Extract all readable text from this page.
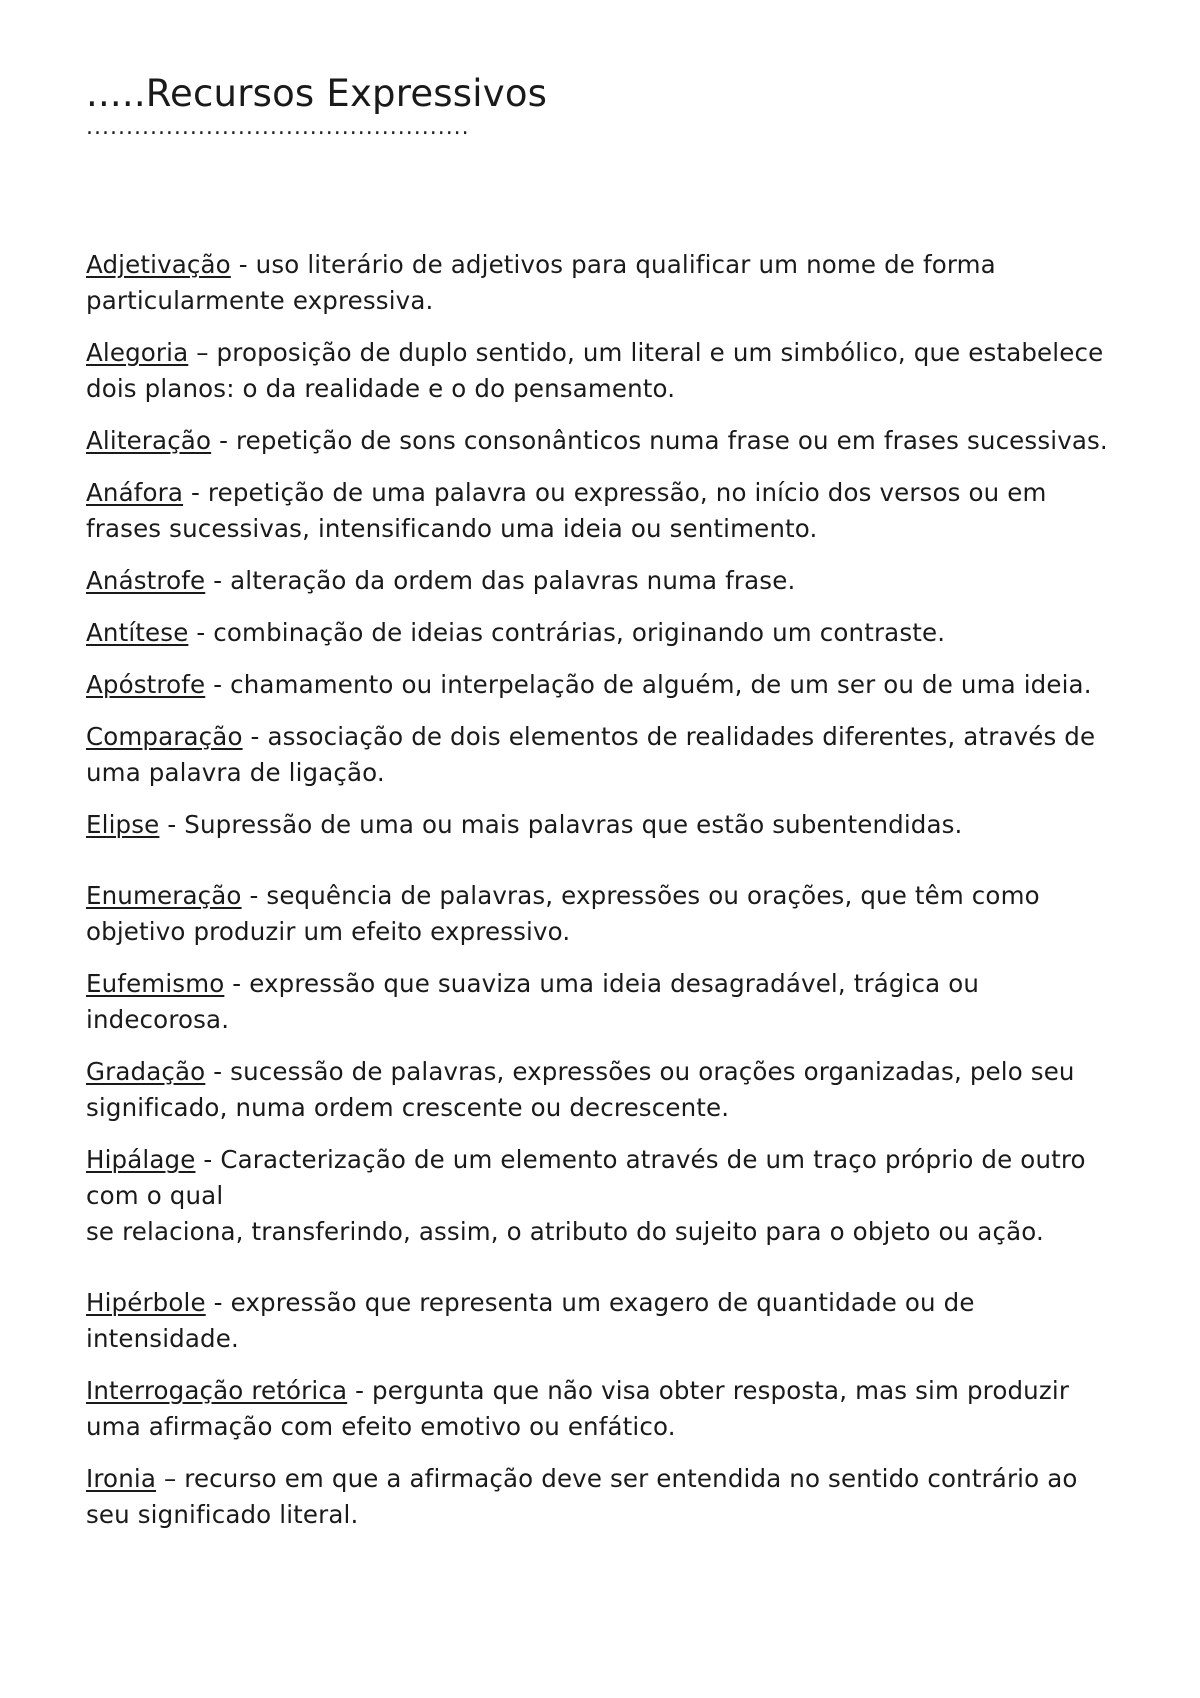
.....Recursos Expressivos

................................................

Adjetivação - uso literário de adjetivos para qualificar um nome de forma particularmente expressiva.

Alegoria – proposição de duplo sentido, um literal e um simbólico, que estabelece dois planos: o da realidade e o do pensamento.

Aliteração - repetição de sons consonânticos numa frase ou em frases sucessivas.

Anáfora - repetição de uma palavra ou expressão, no início dos versos ou em frases sucessivas, intensificando uma ideia ou sentimento.

Anástrofe - alteração da ordem das palavras numa frase.

Antítese - combinação de ideias contrárias, originando um contraste.

Apóstrofe - chamamento ou interpelação de alguém, de um ser ou de uma ideia.

Comparação - associação de dois elementos de realidades diferentes, através de uma palavra de ligação.

Elipse - Supressão de uma ou mais palavras que estão subentendidas.

Enumeração - sequência de palavras, expressões ou orações, que têm como objetivo produzir um efeito expressivo.

Eufemismo - expressão que suaviza uma ideia desagradável, trágica ou indecorosa.

Gradação - sucessão de palavras, expressões ou orações organizadas, pelo seu significado, numa ordem crescente ou decrescente.

Hipálage - Caracterização de um elemento através de um traço próprio de outro com o qual
se relaciona, transferindo, assim, o atributo do sujeito para o objeto ou ação.

Hipérbole - expressão que representa um exagero de quantidade ou de intensidade.

Interrogação retórica - pergunta que não visa obter resposta, mas sim produzir uma afirmação com efeito emotivo ou enfático.

Ironia – recurso em que a afirmação deve ser entendida no sentido contrário ao seu significado literal.
